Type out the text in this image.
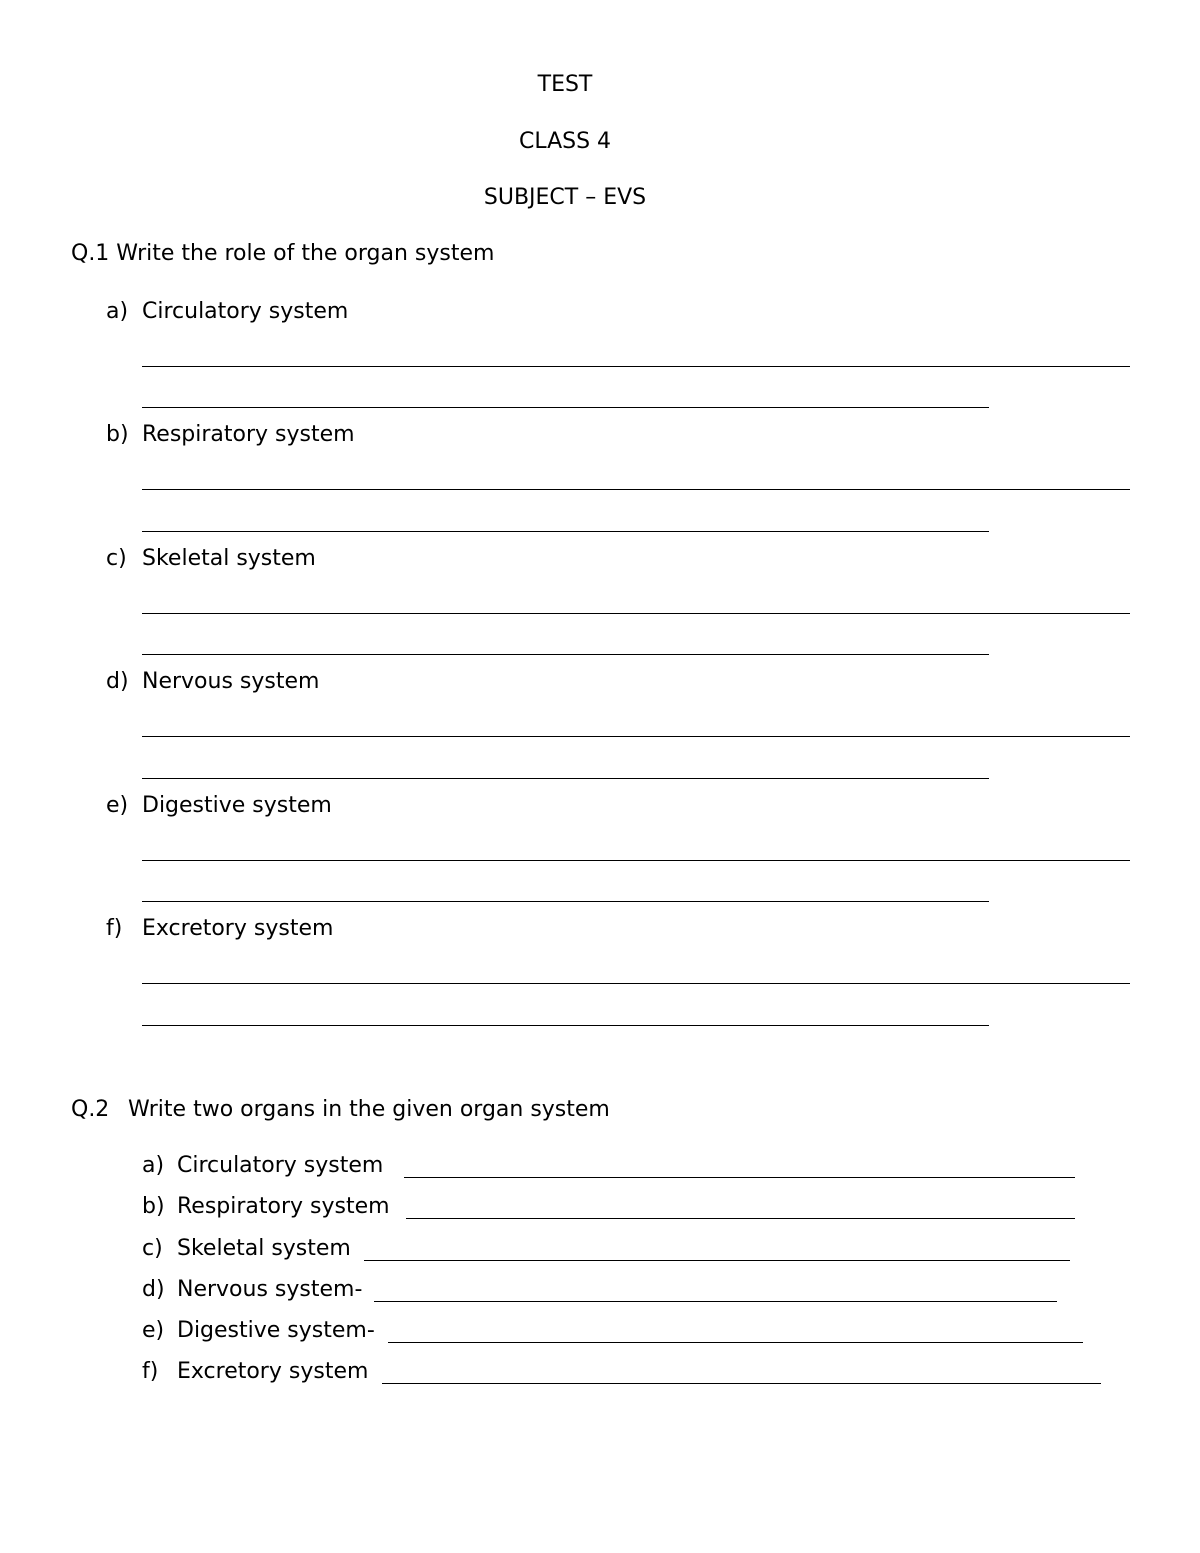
TEST
CLASS 4
SUBJECT – EVS
Q.1 Write the role of the organ system
a) Circulatory system
b) Respiratory system
c) Skeletal system
d) Nervous system
e) Digestive system
f) Excretory system
Q.2 Write two organs in the given organ system
a) Circulatory system
b) Respiratory system
c) Skeletal system
d) Nervous system-
e) Digestive system-
f) Excretory system
